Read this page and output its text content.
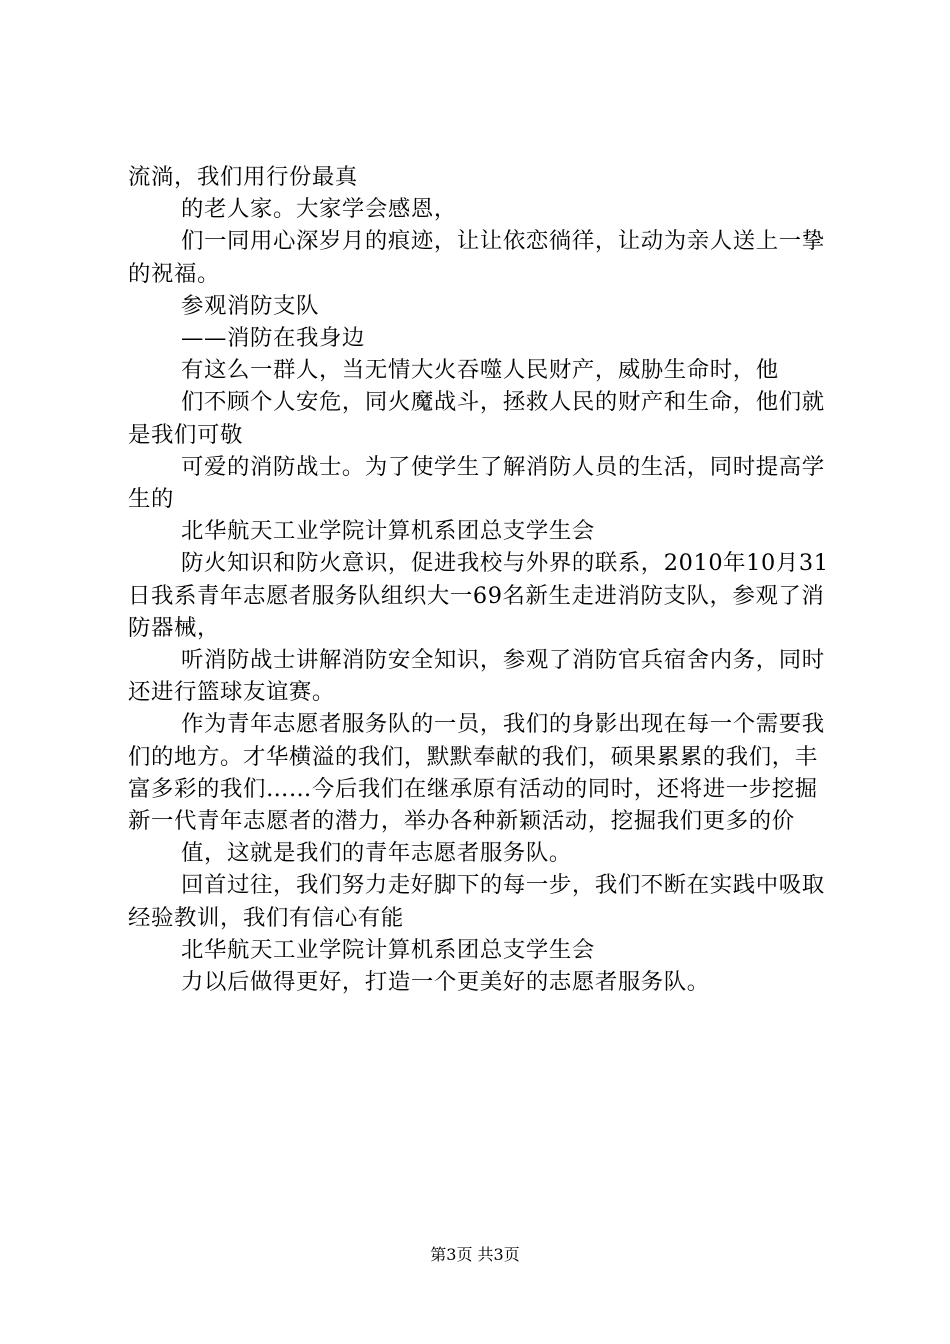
流淌，我们用行份最真

的老人家。大家学会感恩，

们一同用心深岁月的痕迹，让让依恋徜徉，让动为亲人送上一挚的祝福。

参观消防支队

——消防在我身边

有这么一群人，当无情大火吞噬人民财产，威胁生命时，他

们不顾个人安危，同火魔战斗，拯救人民的财产和生命，他们就是我们可敬

可爱的消防战士。为了使学生了解消防人员的生活，同时提高学生的

北华航天工业学院计算机系团总支学生会

防火知识和防火意识，促进我校与外界的联系，2010年10月31日我系青年志愿者服务队组织大一69名新生走进消防支队，参观了消防器械，

听消防战士讲解消防安全知识，参观了消防官兵宿舍内务，同时还进行篮球友谊赛。

作为青年志愿者服务队的一员，我们的身影出现在每一个需要我们的地方。才华横溢的我们，默默奉献的我们，硕果累累的我们，丰富多彩的我们……今后我们在继承原有活动的同时，还将进一步挖掘新一代青年志愿者的潜力，举办各种新颖活动，挖掘我们更多的价

值，这就是我们的青年志愿者服务队。

回首过往，我们努力走好脚下的每一步，我们不断在实践中吸取经验教训，我们有信心有能

北华航天工业学院计算机系团总支学生会

力以后做得更好，打造一个更美好的志愿者服务队。

第3页 共3页
